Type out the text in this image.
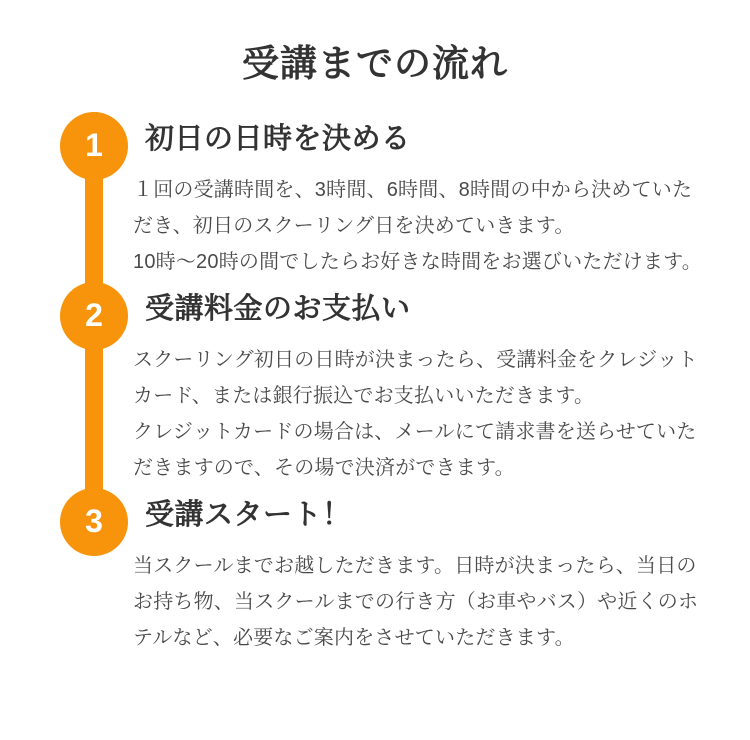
受講までの流れ
1	初日の日時を決める

１回の受講時間を、3時間、6時間、8時間の中から決めていただき、初日のスクーリング日を決めていきます。

10時〜20時の間でしたらお好きな時間をお選びいただけます。

2	受講料金のお支払い

スクーリング初日の日時が決まったら、受講料金をクレジットカード、または銀行振込でお支払いいただきます。

クレジットカードの場合は、メールにて請求書を送らせていただきますので、その場で決済ができます。

3	受講スタート！

当スクールまでお越しただきます。日時が決まったら、当日のお持ち物、当スクールまでの行き方（お車やバス）や近くのホテルなど、必要なご案内をさせていただきます。
